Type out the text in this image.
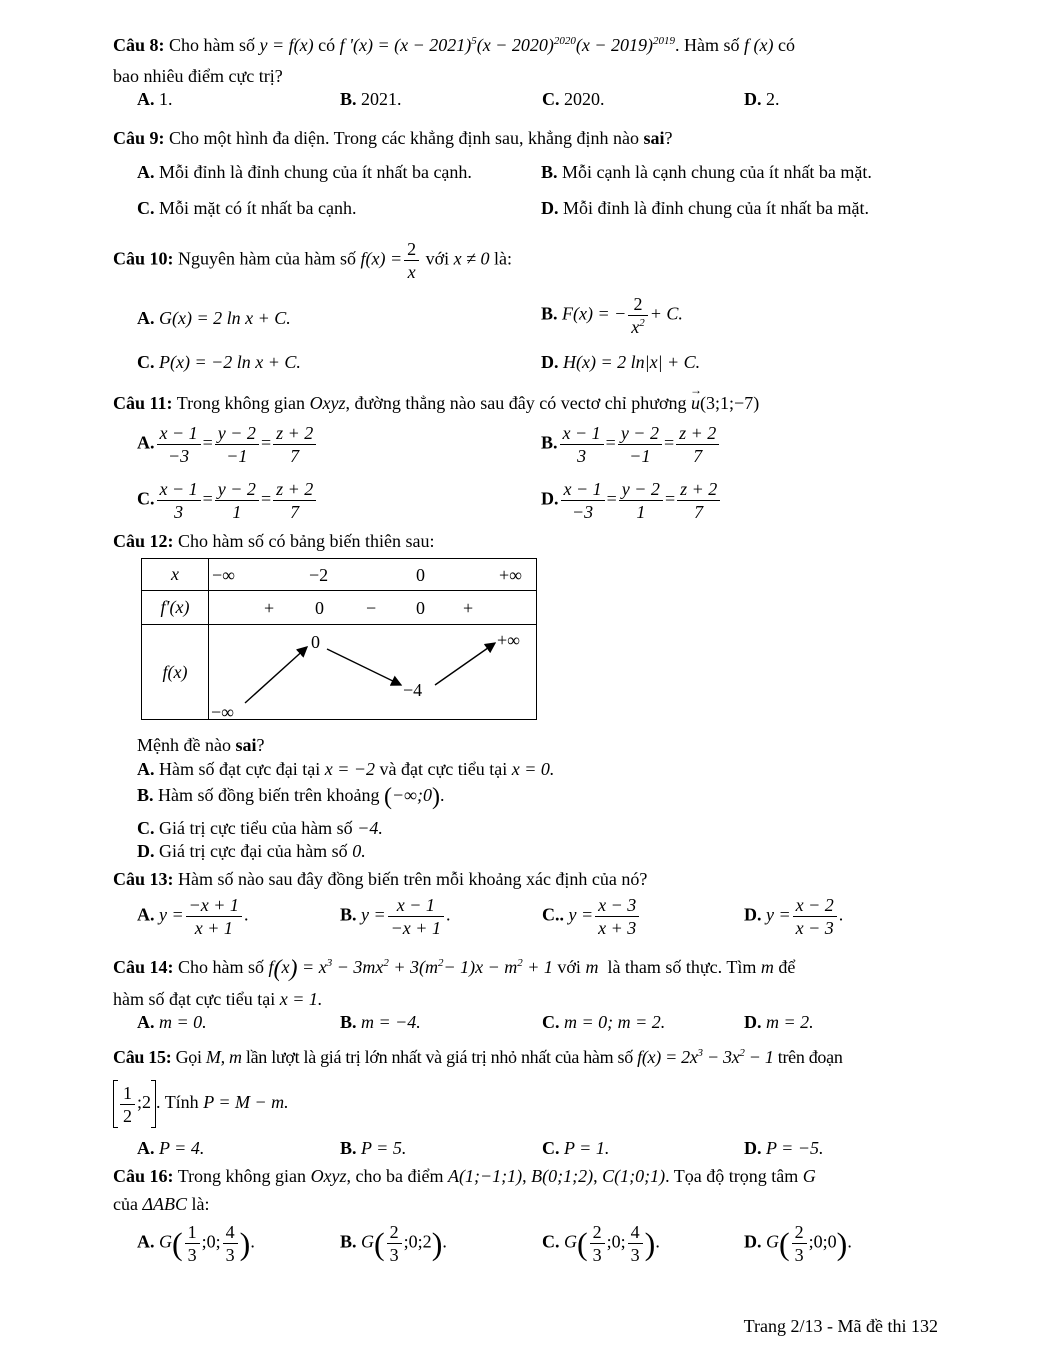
Câu 8: Cho hàm số y = f(x) có f '$(x) = (x - 2021)^5(x - 2020)^{2020}(x - 2019)^{2019}$. Hàm số f (x) có
bao nhiêu điểm cực trị?
A. 1.	B. 2021.	C. 2020.	D. 2.
Câu 9: Cho một hình đa diện. Trong các khẳng định sau, khẳng định nào sai?
A. Mỗi đỉnh là đỉnh chung của ít nhất ba cạnh.	B. Mỗi cạnh là cạnh chung của ít nhất ba mặt.
C. Mỗi mặt có ít nhất ba cạnh.	D. Mỗi đỉnh là đỉnh chung của ít nhất ba mặt.
Câu 10: Nguyên hàm của hàm số $f(x) = \frac{2}{x}$ với x ≠ 0 là:
A. G(x) = 2 ln x + C.	B. F(x) = − $\frac{2}{x^2} + C$.
C. P(x) = −2 ln x + C.	D. H(x) = 2 ln|x| + C.
Câu 11: Trong không gian Oxyz, đường thẳng nào sau đây có vectơ chỉ phương → u(3;1;−7)
A. $\frac{x - 1}{-3} = \frac{y - 2}{-1} = \frac{z + 2}{7}$	B. $\frac{x - 1}{3} = \frac{y - 2}{-1} = \frac{z + 2}{7}$
C. $\frac{x - 1}{3} = \frac{y - 2}{1} = \frac{z + 2}{7}$	D. $\frac{x - 1}{-3} = \frac{y - 2}{1} = \frac{z + 2}{7}$
Câu 12: Cho hàm số có bảng biến thiên sau:
x	−∞ −2 0 +∞

f′(x)	+ 0 − 0 +

f(x)	0 +∞
−4
−∞
Mệnh đề nào sai?
A. Hàm số đạt cực đại tại x = −2 và đạt cực tiểu tại x = 0.
B. Hàm số đồng biến trên khoảng (−∞;0).
C. Giá trị cực tiểu của hàm số −4.
D. Giá trị cực đại của hàm số 0.
Câu 13: Hàm số nào sau đây đồng biến trên mỗi khoảng xác định của nó?
A. $y = \frac{-x + 1}{x + 1}$ .	B. $y = \frac{x - 1}{-x + 1}$ .	C.. $y = \frac{x - 3}{x + 3}$	D. $y = \frac{x - 2}{x - 3}$ .
Câu 14: Cho hàm số $f(x) = x^3 - 3mx^2 + 3(m^2- 1)x - m^2 + 1$ với m là tham số thực. Tìm m để
hàm số đạt cực tiểu tại x = 1.
A. m = 0.	B. m = −4.	C. m = 0; m = 2.	D. m = 2.
Câu 15: Gọi M, m lần lượt là giá trị lớn nhất và giá trị nhỏ nhất của hàm số $f(x) = 2x^3 - 3x^2 - 1$ trên đoạn
$\frac{1}{2}$ ;2 . Tính P = M − m.
A. P = 4.	B. P = 5.	C. P = 1.	D. P = −5.
Câu 16: Trong không gian Oxyz, cho ba điểm A(1;−1;1), B(0;1;2), C(1;0;1). Tọa độ trọng tâm G
của ΔABC là:
A. $G( \frac{1}{3}$ ;0; $\frac{4}{3}$ ).	B. $G( \frac{2}{3}$ ;0;2).	C. $G( \frac{2}{3}$ ;0; $\frac{4}{3}$ ).	D. $G( \frac{2}{3}$ ;0;0).
Trang 2/13 - Mã đề thi 132
